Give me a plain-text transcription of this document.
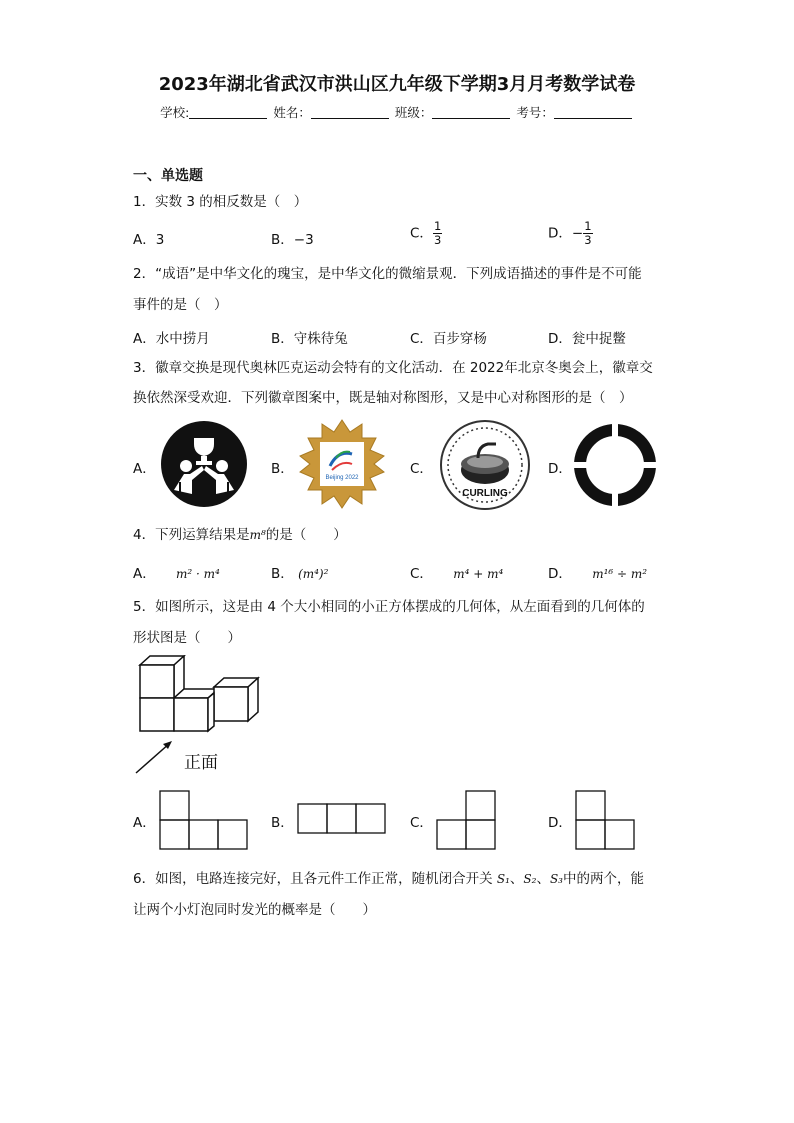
2023年湖北省武汉市洪山区九年级下学期3月月考数学试卷
学校:	姓名：	班级：	考号：
一、单选题
1．实数 3 的相反数是（　）
A．3	B．−3	C． $\frac{1}{3}$	D．− $\frac{1}{3}$
2．“成语”是中华文化的瑰宝，是中华文化的微缩景观．下列成语描述的事件是不可能
事件的是（　）
A．水中捞月	B．守株待兔	C．百步穿杨	D．瓮中捉鳖
3．徽章交换是现代奥林匹克运动会特有的文化活动．在 2022年北京冬奥会上，徽章交
换依然深受欢迎．下列徽章图案中，既是轴对称图形，又是中心对称图形的是（　）
A．	B．
Beijing 2022
C．
CURLING
D．
4．下列运算结果是m⁸的是（　　）
A． m² · m⁴	B． (m⁴)²	C． m⁴ + m⁴	D． m¹⁶ ÷ m²
5．如图所示，这是由 4 个大小相同的小正方体摆成的几何体，从左面看到的几何体的
形状图是（　　）
正面
A．	B．	C．	D．
6．如图，电路连接完好，且各元件工作正常，随机闭合开关 S₁、S₂、S₃中的两个，能
让两个小灯泡同时发光的概率是（　　）
